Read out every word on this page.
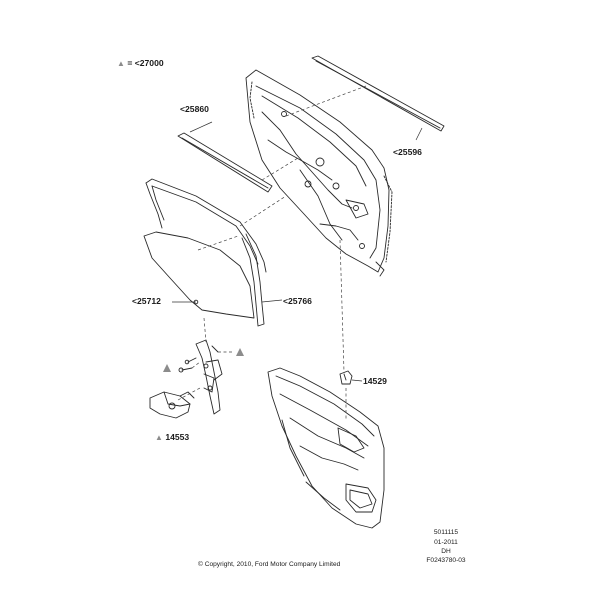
▲ = <27000
<25860
<25596
<25712	<25766
14529
▲ 14553
5011115
01-2011
DH
F0243780-03
© Copyright, 2010, Ford Motor Company Limited
